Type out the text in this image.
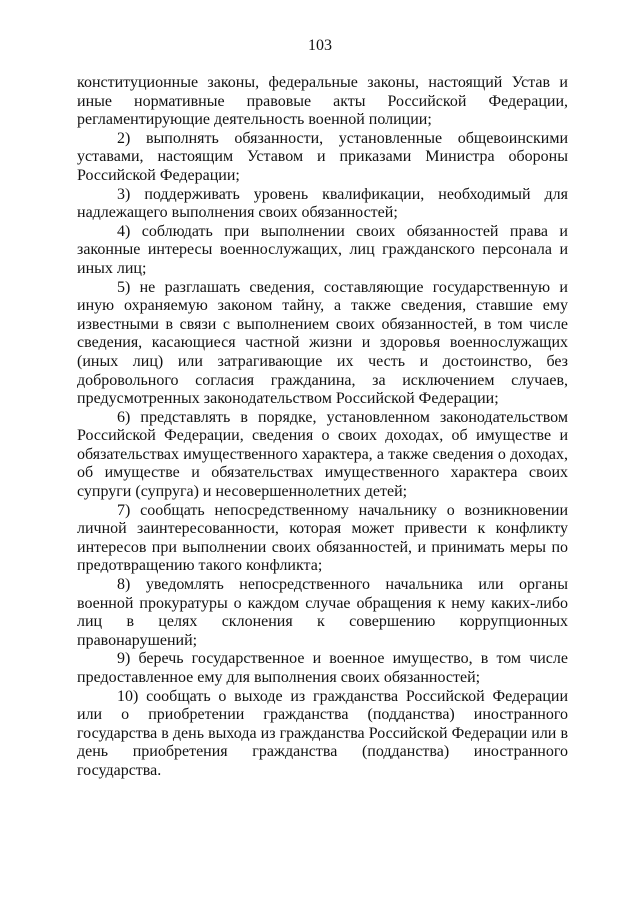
103

конституционные законы, федеральные законы, настоящий Устав и иные нормативные правовые акты Российской Федерации, регламентирующие деятельность военной полиции;

2) выполнять обязанности, установленные общевоинскими уставами, настоящим Уставом и приказами Министра обороны Российской Федерации;

3) поддерживать уровень квалификации, необходимый для надлежащего выполнения своих обязанностей;

4) соблюдать при выполнении своих обязанностей права и законные интересы военнослужащих, лиц гражданского персонала и иных лиц;

5) не разглашать сведения, составляющие государственную и иную охраняемую законом тайну, а также сведения, ставшие ему известными в связи с выполнением своих обязанностей, в том числе сведения, касающиеся частной жизни и здоровья военнослужащих (иных лиц) или затрагивающие их честь и достоинство, без добровольного согласия гражданина, за исключением случаев, предусмотренных законодательством Российской Федерации;

6) представлять в порядке, установленном законодательством Российской Федерации, сведения о своих доходах, об имуществе и обязательствах имущественного характера, а также сведения о доходах, об имуществе и обязательствах имущественного характера своих супруги (супруга) и несовершеннолетних детей;

7) сообщать непосредственному начальнику о возникновении личной заинтересованности, которая может привести к конфликту интересов при выполнении своих обязанностей, и принимать меры по предотвращению такого конфликта;

8) уведомлять непосредственного начальника или органы военной прокуратуры о каждом случае обращения к нему каких-либо лиц в целях склонения к совершению коррупционных правонарушений;

9) беречь государственное и военное имущество, в том числе предоставленное ему для выполнения своих обязанностей;

10) сообщать о выходе из гражданства Российской Федерации или о приобретении гражданства (подданства) иностранного государства в день выхода из гражданства Российской Федерации или в день приобретения гражданства (подданства) иностранного государства.
